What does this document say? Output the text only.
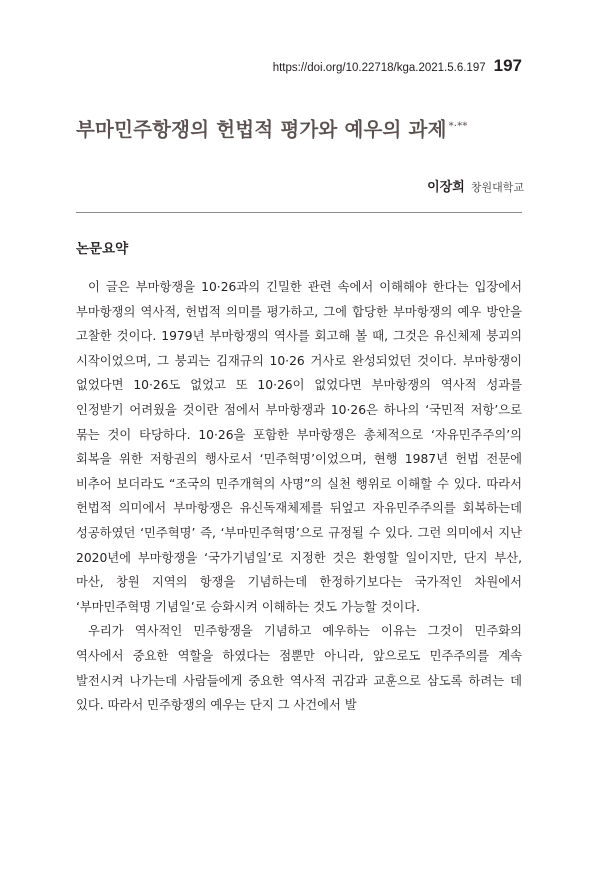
https://doi.org/10.22718/kga.2021.5.6.197 197
부마민주항쟁의 헌법적 평가와 예우의 과제 *·**
이장희 창원대학교
논문요약

이 글은 부마항쟁을 10·26과의 긴밀한 관련 속에서 이해해야 한다는 입장에서 부마항쟁의 역사적, 헌법적 의미를 평가하고, 그에 합당한 부마항쟁의 예우 방안을 고찰한 것이다. 1979년 부마항쟁의 역사를 회고해 볼 때, 그것은 유신체제 붕괴의 시작이었으며, 그 붕괴는 김재규의 10·26 거사로 완성되었던 것이다. 부마항쟁이 없었다면 10·26도 없었고 또 10·26이 없었다면 부마항쟁의 역사적 성과를 인정받기 어려웠을 것이란 점에서 부마항쟁과 10·26은 하나의 ‘국민적 저항’으로 묶는 것이 타당하다. 10·26을 포함한 부마항쟁은 총체적으로 ‘자유민주주의’의 회복을 위한 저항권의 행사로서 ‘민주혁명’이었으며, 현행 1987년 헌법 전문에 비추어 보더라도 “조국의 민주개혁의 사명”의 실천 행위로 이해할 수 있다. 따라서 헌법적 의미에서 부마항쟁은 유신독재체제를 뒤엎고 자유민주주의를 회복하는데 성공하였던 ‘민주혁명’ 즉, ‘부마민주혁명’으로 규정될 수 있다. 그런 의미에서 지난 2020년에 부마항쟁을 ‘국가기념일’로 지정한 것은 환영할 일이지만, 단지 부산, 마산, 창원 지역의 항쟁을 기념하는데 한정하기보다는 국가적인 차원에서 ‘부마민주혁명 기념일’로 승화시켜 이해하는 것도 가능할 것이다.

우리가 역사적인 민주항쟁을 기념하고 예우하는 이유는 그것이 민주화의 역사에서 중요한 역할을 하였다는 점뿐만 아니라, 앞으로도 민주주의를 계속 발전시켜 나가는데 사람들에게 중요한 역사적 귀감과 교훈으로 삼도록 하려는 데 있다. 따라서 민주항쟁의 예우는 단지 그 사건에서 발
